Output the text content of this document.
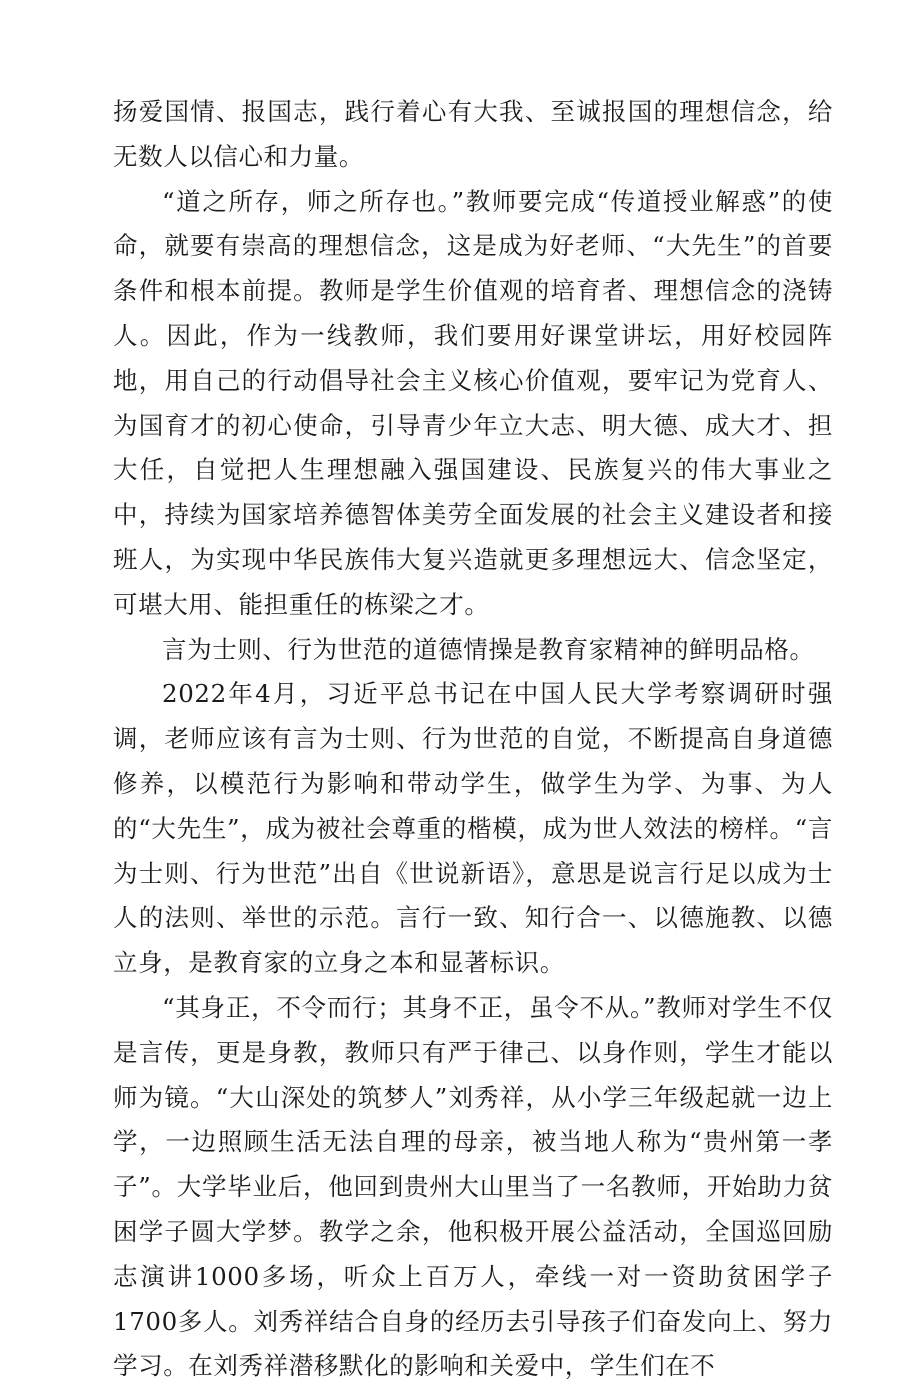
扬爱国情、报国志，践行着心有大我、至诚报国的理想信念，给无数人以信心和力量。

“道之所存，师之所存也。”教师要完成“传道授业解惑”的使命，就要有崇高的理想信念，这是成为好老师、“大先生”的首要条件和根本前提。教师是学生价值观的培育者、理想信念的浇铸人。因此，作为一线教师，我们要用好课堂讲坛，用好校园阵地，用自己的行动倡导社会主义核心价值观，要牢记为党育人、为国育才的初心使命，引导青少年立大志、明大德、成大才、担大任，自觉把人生理想融入强国建设、民族复兴的伟大事业之中，持续为国家培养德智体美劳全面发展的社会主义建设者和接班人，为实现中华民族伟大复兴造就更多理想远大、信念坚定，可堪大用、能担重任的栋梁之才。

言为士则、行为世范的道德情操是教育家精神的鲜明品格。

2022年4月，习近平总书记在中国人民大学考察调研时强调，老师应该有言为士则、行为世范的自觉，不断提高自身道德修养，以模范行为影响和带动学生，做学生为学、为事、为人的“大先生”，成为被社会尊重的楷模，成为世人效法的榜样。“言为士则、行为世范”出自《世说新语》，意思是说言行足以成为士人的法则、举世的示范。言行一致、知行合一、以德施教、以德立身，是教育家的立身之本和显著标识。

“其身正，不令而行；其身不正，虽令不从。”教师对学生不仅是言传，更是身教，教师只有严于律己、以身作则，学生才能以师为镜。“大山深处的筑梦人”刘秀祥，从小学三年级起就一边上学，一边照顾生活无法自理的母亲，被当地人称为“贵州第一孝子”。大学毕业后，他回到贵州大山里当了一名教师，开始助力贫困学子圆大学梦。教学之余，他积极开展公益活动，全国巡回励志演讲1000多场，听众上百万人，牵线一对一资助贫困学子1700多人。刘秀祥结合自身的经历去引导孩子们奋发向上、努力学习。在刘秀祥潜移默化的影响和关爱中，学生们在不
